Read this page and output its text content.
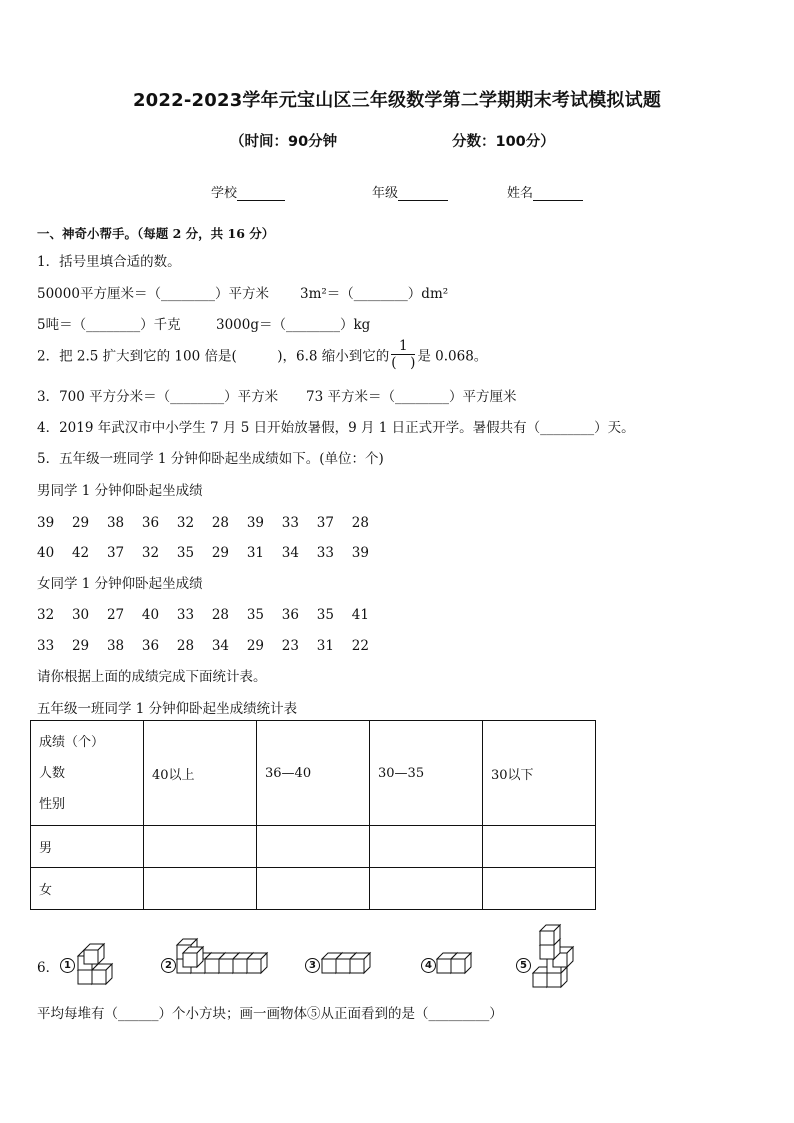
2022-2023学年元宝山区三年级数学第二学期期末考试模拟试题
（时间：90分钟	分数：100分）
学校	年级	姓名
一、神奇小帮手。（每题 2 分，共 16 分）
1．括号里填合适的数。
50000平方厘米＝（________）平方米 3m²＝（________）dm²
5吨＝（________）千克	3000g＝（________）kg
2．把 2.5 扩大到它的 100 倍是(　　　)，6.8 缩小到它的 $\frac{1}{( )}$ 是 0.068。
3．700 平方分米＝（________）平方米 73 平方米＝（________）平方厘米
4．2019 年武汉市中小学生 7 月 5 日开始放暑假，9 月 1 日正式开学。暑假共有（________）天。
5．五年级一班同学 1 分钟仰卧起坐成绩如下。(单位：个)
男同学 1 分钟仰卧起坐成绩
39　 29　 38　 36　 32　 28　 39　 33　 37　 28
40　 42　 37　 32　 35　 29　 31　 34　 33　 39
女同学 1 分钟仰卧起坐成绩
32　 30　 27　 40　 33　 28　 35　 36　 35　 41
33　 29　 38　 36　 28　 34　 29　 23　 31　 22
请你根据上面的成绩完成下面统计表。
五年级一班同学 1 分钟仰卧起坐成绩统计表
成绩（个）
人数
性别	40以上	36—40	30—35	30以下
男				
女				
6． 1	2	3	4	5
平均每堆有（______）个小方块；画一画物体⑤从正面看到的是（_________）
